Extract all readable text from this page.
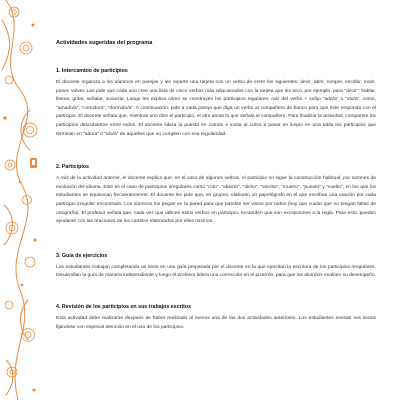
Actividades sugeridas del programa
1. Intercambio de participios

El docente organiza a los alumnos en parejas y les reparte una tarjeta con un verbo de entre los siguientes: decir, abrir, romper, escribir, morir, poner, volver. Les pide que cada uno cree una lista de cinco verbos más relacionados con la tarjeta que les tocó, por ejemplo, para "decir": hablar, llamar, gritar, señalar, susurrar. Luego les explica cómo se construyen los participios regulares: raíz del verbo + sufijo "ado/a" o "ido/a", como, "amado/a", "comido/a", "dormido/a". A continuación, pide a cada pareja que diga un verbo al compañero de banco para que éste responda con el participio. El docente señala que, mientras uno dice el participio, el otro anota lo que señala el compañero. Para finalizar la actividad, comparten los participios descubiertos entre todos. El docente lidera la puesta en común e invita al curso a pasar en limpio en una tabla los participios que terminan en "ado/a" o "ido/a" de aquellos que no cumplen con esa regularidad.

2. Participios

A raíz de la actividad anterior, el docente explica que, en el caso de algunos verbos, el participio no sigue la construcción habitual, por razones de evolución del idioma. Este es el caso de participios irregulares como "roto", "abierto", "dicho", "escrito", "muerto", "puesto" y "vuelto", en los que los estudiantes se equivocan frecuentemente. El docente les pide que, en grupos, elaboren un papelógrafo en el que escriban una oración por cada participio irregular encontrado. Los alumnos los pegan en la pared para que puedan ser vistos por todos (hay que cuidar que no tengan faltas de ortografía). El profesor señala que, cada vez que utilicen estos verbos en participio, recuerden que son excepciones a la regla. Para esto, pueden ayudarse con las oraciones de los carteles elaborados por ellos mismos.

3. Guía de ejercicios

Los estudiantes trabajan completando un texto en una guía preparada por el docente en la que ejercitan la escritura de los participios irregulares. Desarrollan la guía de manera independiente y luego el profesor lidera una corrección en el pizarrón, para que los alumnos evalúen su desempeño.

4. Revisión de los participios en sus trabajos escritos

Esta actividad debe realizarse después de haber realizado al menos una de las dos actividades anteriores. Los estudiantes revisan sus textos fijándose con especial atención en el uso de los participios.
